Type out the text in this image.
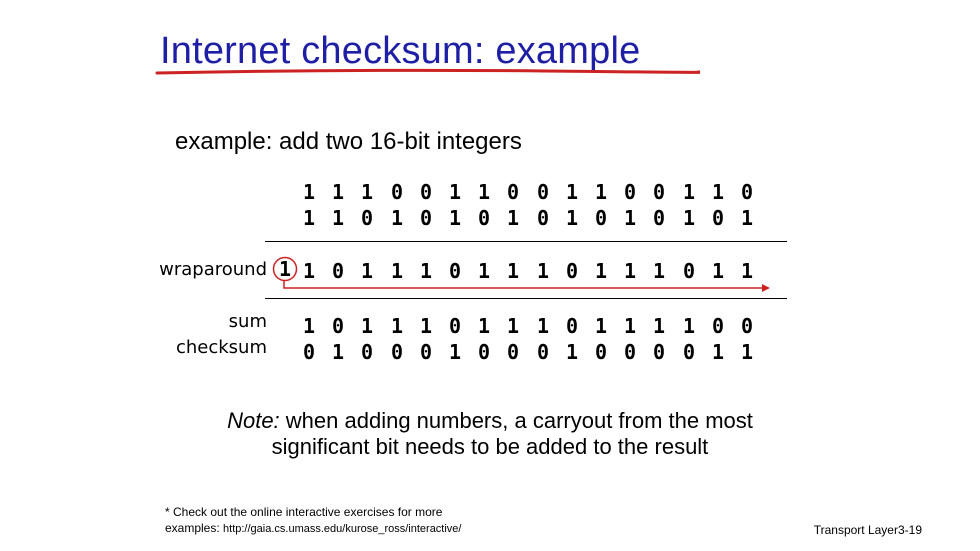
Internet checksum: example
example: add two 16-bit integers
1 1 1 0 0 1 1 0 0 1 1 0 0 1 1 0
1 1 0 1 0 1 0 1 0 1 0 1 0 1 0 1
wraparound 1 1 0 1 1 1 0 1 1 1 0 1 1 1 0 1 1
sum 1 0 1 1 1 0 1 1 1 0 1 1 1 1 0 0
checksum 0 1 0 0 0 1 0 0 0 1 0 0 0 0 1 1
Note: when adding numbers, a carryout from the most
significant bit needs to be added to the result
* Check out the online interactive exercises for more
examples: http://gaia.cs.umass.edu/kurose_ross/interactive/	Transport Layer3-19
